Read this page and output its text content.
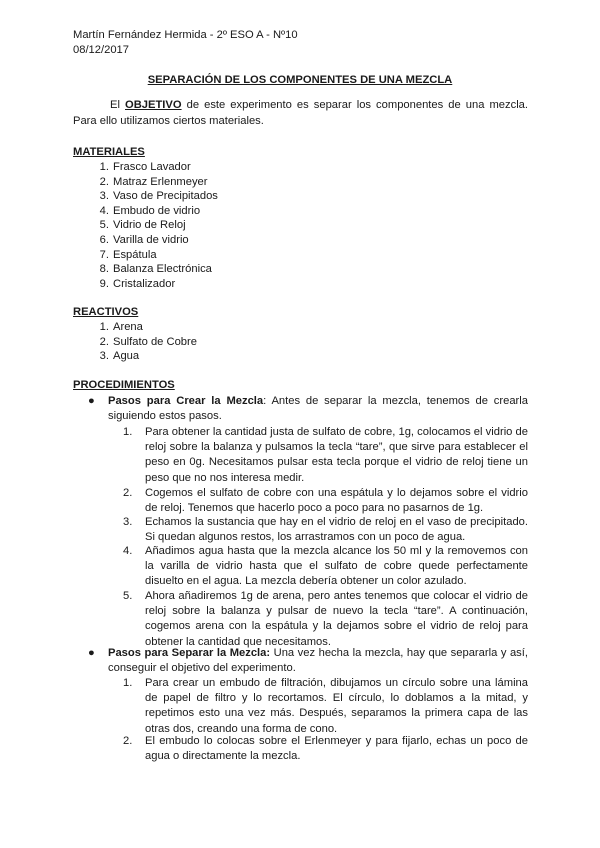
Martín Fernández Hermida - 2º ESO A - Nº10
08/12/2017
SEPARACIÓN DE LOS COMPONENTES DE UNA MEZCLA
El OBJETIVO de este experimento es separar los componentes de una mezcla. Para ello utilizamos ciertos materiales.
MATERIALES
1. Frasco Lavador
2. Matraz Erlenmeyer
3. Vaso de Precipitados
4. Embudo de vidrio
5. Vidrio de Reloj
6. Varilla de vidrio
7. Espátula
8. Balanza Electrónica
9. Cristalizador
REACTIVOS
1. Arena
2. Sulfato de Cobre
3. Agua
PROCEDIMIENTOS
● Pasos para Crear la Mezcla: Antes de separar la mezcla, tenemos de crearla siguiendo estos pasos.
1. Para obtener la cantidad justa de sulfato de cobre, 1g, colocamos el vidrio de reloj sobre la balanza y pulsamos la tecla “tare”, que sirve para establecer el peso en 0g. Necesitamos pulsar esta tecla porque el vidrio de reloj tiene un peso que no nos interesa medir.
2. Cogemos el sulfato de cobre con una espátula y lo dejamos sobre el vidrio de reloj. Tenemos que hacerlo poco a poco para no pasarnos de 1g.
3. Echamos la sustancia que hay en el vidrio de reloj en el vaso de precipitado. Si quedan algunos restos, los arrastramos con un poco de agua.
4. Añadimos agua hasta que la mezcla alcance los 50 ml y la removemos con la varilla de vidrio hasta que el sulfato de cobre quede perfectamente disuelto en el agua. La mezcla debería obtener un color azulado.
5. Ahora añadiremos 1g de arena, pero antes tenemos que colocar el vidrio de reloj sobre la balanza y pulsar de nuevo la tecla “tare”. A continuación, cogemos arena con la espátula y la dejamos sobre el vidrio de reloj para obtener la cantidad que necesitamos.
● Pasos para Separar la Mezcla: Una vez hecha la mezcla, hay que separarla y así, conseguir el objetivo del experimento.
1. Para crear un embudo de filtración, dibujamos un círculo sobre una lámina de papel de filtro y lo recortamos. El círculo, lo doblamos a la mitad, y repetimos esto una vez más. Después, separamos la primera capa de las otras dos, creando una forma de cono.
2. El embudo lo colocas sobre el Erlenmeyer y para fijarlo, echas un poco de agua o directamente la mezcla.
